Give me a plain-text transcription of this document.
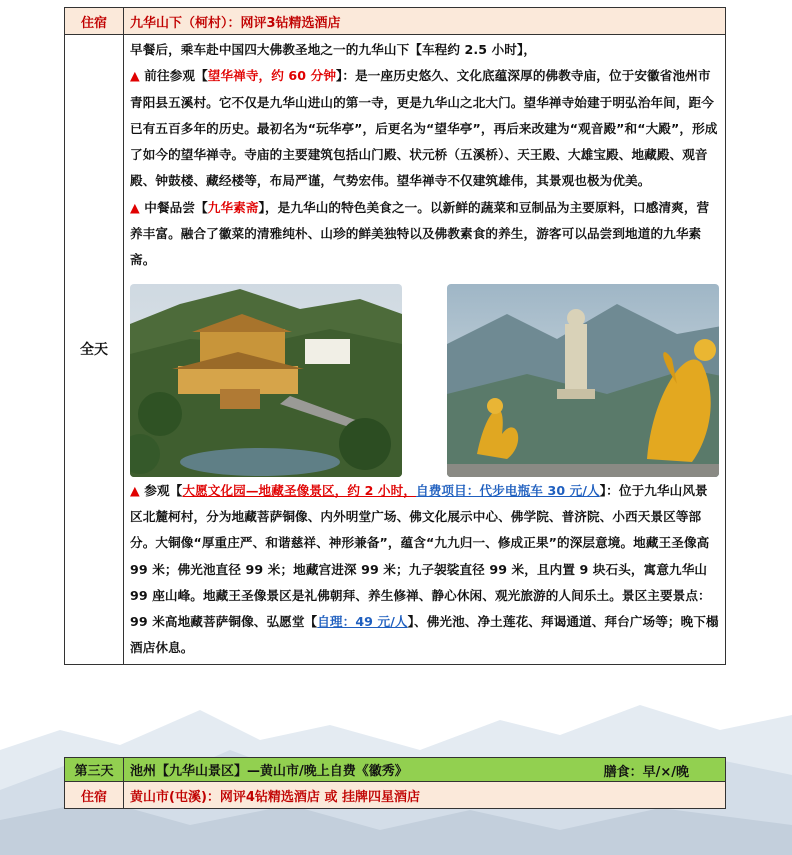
住宿	九华山下（柯村）：网评3钻精选酒店
全天	早餐后，乘车赴中国四大佛教圣地之一的九华山下【车程约 2.5 小时】，

▲ 前往参观【望华禅寺，约 60 分钟】：是一座历史悠久、文化底蕴深厚的佛教寺庙，位于安徽省池州市青阳县五溪村。它不仅是九华山进山的第一寺，更是九华山之北大门。望华禅寺始建于明弘治年间，距今已有五百多年的历史。最初名为“玩华亭”，后更名为“望华亭”，再后来改建为“观音殿”和“大殿”，形成了如今的望华禅寺。寺庙的主要建筑包括山门殿、状元桥（五溪桥）、天王殿、大雄宝殿、地藏殿、观音殿、钟鼓楼、藏经楼等，布局严谨，气势宏伟。望华禅寺不仅建筑雄伟，其景观也极为优美。

▲ 中餐品尝【九华素斋】，是九华山的特色美食之一。以新鲜的蔬菜和豆制品为主要原料，口感清爽，营养丰富。融合了徽菜的清雅纯朴、山珍的鲜美独特以及佛教素食的养生，游客可以品尝到地道的九华素斋。

▲ 参观【大愿文化园—地藏圣像景区，约 2 小时，自费项目：代步电瓶车 30 元/人】：位于九华山风景区北麓柯村，分为地藏菩萨铜像、内外明堂广场、佛文化展示中心、佛学院、普济院、小西天景区等部分。大铜像“厚重庄严、和谐慈祥、神形兼备”，蕴含“九九归一、修成正果”的深层意境。地藏王圣像高 99 米；佛光池直径 99 米；地藏宫进深 99 米；九子袈裟直径 99 米，且内置 9 块石头，寓意九华山 99 座山峰。地藏王圣像景区是礼佛朝拜、养生修禅、静心休闲、观光旅游的人间乐土。景区主要景点：99 米高地藏菩萨铜像、弘愿堂【自理：49 元/人】、佛光池、净土莲花、拜谒通道、拜台广场等；晚下榻酒店休息。

第三天	池州【九华山景区】—黄山市/晚上自费《徽秀》 膳食：早/×/晚

住宿	黄山市(屯溪)：网评4钻精选酒店 或 挂牌四星酒店
